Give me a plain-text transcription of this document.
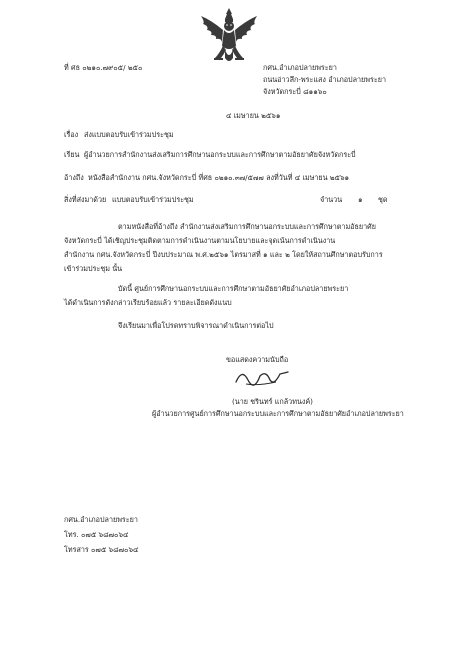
ที่ ศธ ๐๒๑๐.๗๙๐๕/ ๒๕๐	กศน.อำเภอปลายพระยา
ถนนอ่าวลึก-พระแสง อำเภอปลายพระยา
จังหวัดกระบี่ ๘๑๑๖๐
๔ เมษายน ๒๕๖๑
เรื่อง ส่งแบบตอบรับเข้าร่วมประชุม
เรียน ผู้อำนวยการสำนักงานส่งเสริมการศึกษานอกระบบและการศึกษาตามอัธยาศัยจังหวัดกระบี่
อ้างถึง หนังสือสำนักงาน กศน.จังหวัดกระบี่ ที่ศธ ๐๒๑๐.๓๗/๕๗๗ ลงที่วันที่ ๔ เมษายน ๒๕๖๑
สิ่งที่ส่งมาด้วย แบบตอบรับเข้าร่วมประชุม	จำนวน ๑ ชุด
ตามหนังสือที่อ้างถึง สำนักงานส่งเสริมการศึกษานอกระบบและการศึกษาตามอัธยาศัย
จังหวัดกระบี่ ได้เชิญประชุมติดตามการดำเนินงานตามนโยบายและจุดเน้นการดำเนินงาน
สำนักงาน กศน.จังหวัดกระบี่ ปีงบประมาณ พ.ศ.๒๕๖๑ ไตรมาสที่ ๑ และ ๒ โดยให้สถานศึกษาตอบรับการ
เข้าร่วมประชุม นั้น
บัดนี้ ศูนย์การศึกษานอกระบบและการศึกษาตามอัธยาศัยอำเภอปลายพระยา
ได้ดำเนินการดังกล่าวเรียบร้อยแล้ว รายละเอียดดังแนบ
จึงเรียนมาเพื่อโปรดทราบพิจารณาดำเนินการต่อไป
ขอแสดงความนับถือ
(นาย ชรินทร์ แกล้วทนงค์)
ผู้อำนวยการศูนย์การศึกษานอกระบบและการศึกษาตามอัธยาศัยอำเภอปลายพระยา
กศน.อำเภอปลายพระยา
โทร. ๐๗๕ ๖๘๗๐๖๔
โทรสาร ๐๗๕ ๖๘๗๐๖๔
